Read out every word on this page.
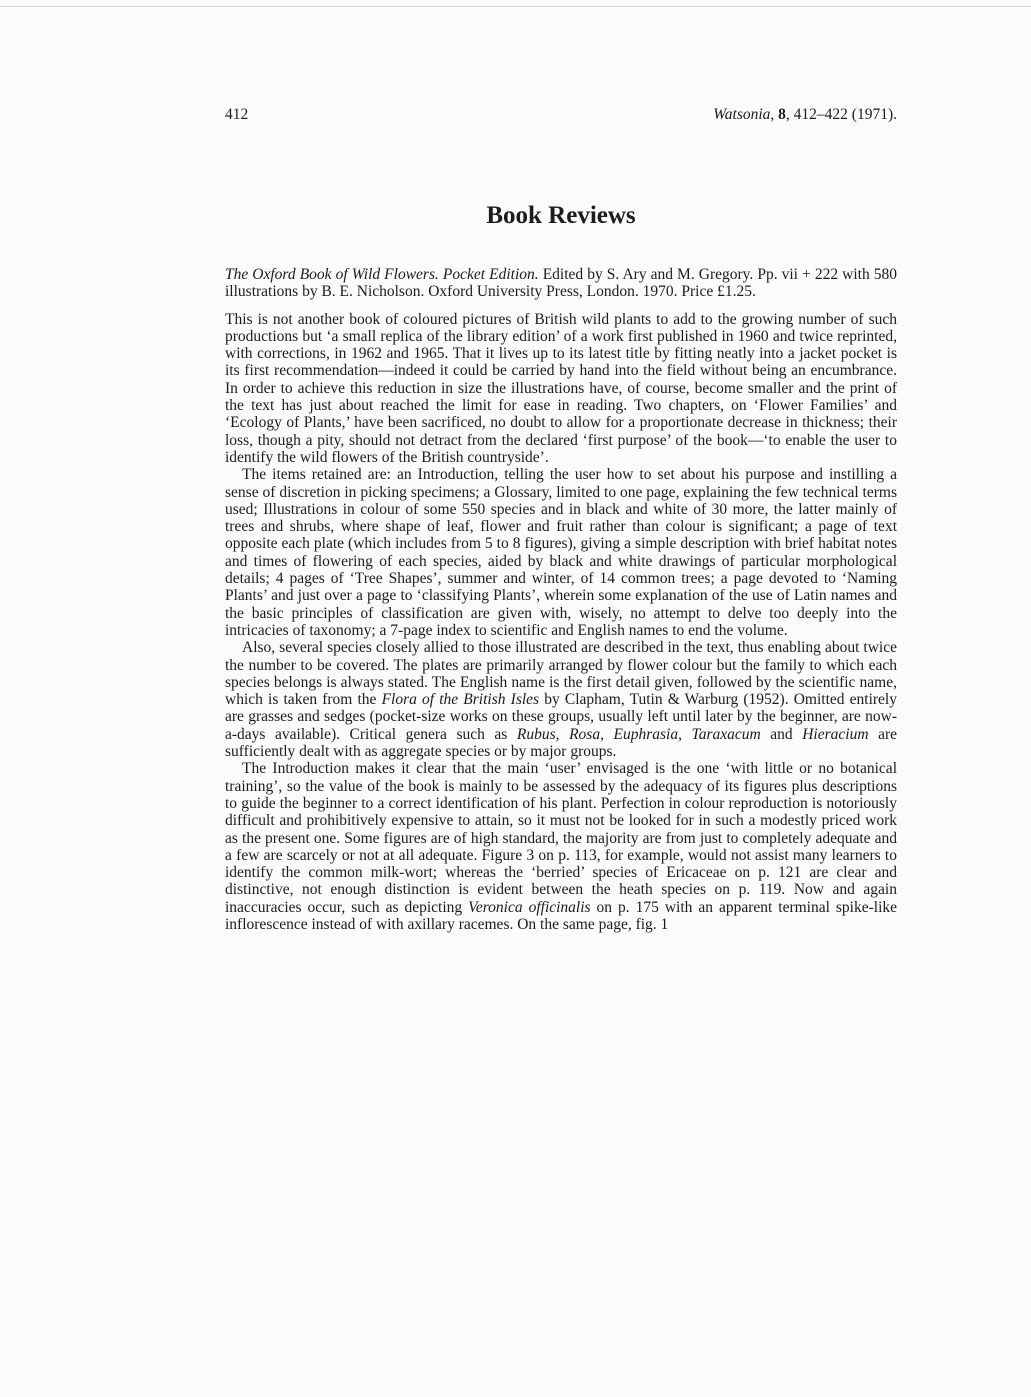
412	Watsonia, 8, 412–422 (1971).
Book Reviews

The Oxford Book of Wild Flowers. Pocket Edition. Edited by S. Ary and M. Gregory. Pp. vii + 222 with 580 illustrations by B. E. Nicholson. Oxford University Press, London. 1970. Price £1.25.

This is not another book of coloured pictures of British wild plants to add to the growing number of such productions but ‘a small replica of the library edition’ of a work first published in 1960 and twice reprinted, with corrections, in 1962 and 1965. That it lives up to its latest title by fitting neatly into a jacket pocket is its first recommendation—indeed it could be carried by hand into the field without being an encumbrance. In order to achieve this reduction in size the illustrations have, of course, become smaller and the print of the text has just about reached the limit for ease in reading. Two chapters, on ‘Flower Families’ and ‘Ecology of Plants,’ have been sacrificed, no doubt to allow for a proportionate decrease in thickness; their loss, though a pity, should not detract from the declared ‘first purpose’ of the book—‘to enable the user to identify the wild flowers of the British countryside’.

The items retained are: an Introduction, telling the user how to set about his purpose and instilling a sense of discretion in picking specimens; a Glossary, limited to one page, explaining the few technical terms used; Illustrations in colour of some 550 species and in black and white of 30 more, the latter mainly of trees and shrubs, where shape of leaf, flower and fruit rather than colour is significant; a page of text opposite each plate (which includes from 5 to 8 figures), giving a simple description with brief habitat notes and times of flowering of each species, aided by black and white drawings of particular morphological details; 4 pages of ‘Tree Shapes’, summer and winter, of 14 common trees; a page devoted to ‘Naming Plants’ and just over a page to ‘classifying Plants’, wherein some explanation of the use of Latin names and the basic principles of classification are given with, wisely, no attempt to delve too deeply into the intricacies of taxonomy; a 7-page index to scientific and English names to end the volume.

Also, several species closely allied to those illustrated are described in the text, thus enabling about twice the number to be covered. The plates are primarily arranged by flower colour but the family to which each species belongs is always stated. The English name is the first detail given, followed by the scientific name, which is taken from the Flora of the British Isles by Clapham, Tutin & Warburg (1952). Omitted entirely are grasses and sedges (pocket-size works on these groups, usually left until later by the beginner, are now-a-days available). Critical genera such as Rubus, Rosa, Euphrasia, Taraxacum and Hieracium are sufficiently dealt with as aggregate species or by major groups.

The Introduction makes it clear that the main ‘user’ envisaged is the one ‘with little or no botanical training’, so the value of the book is mainly to be assessed by the adequacy of its figures plus descriptions to guide the beginner to a correct identification of his plant. Perfection in colour reproduction is notoriously difficult and prohibitively expensive to attain, so it must not be looked for in such a modestly priced work as the present one. Some figures are of high standard, the majority are from just to completely adequate and a few are scarcely or not at all adequate. Figure 3 on p. 113, for example, would not assist many learners to identify the common milk-wort; whereas the ‘berried’ species of Ericaceae on p. 121 are clear and distinctive, not enough distinction is evident between the heath species on p. 119. Now and again inaccuracies occur, such as depicting Veronica officinalis on p. 175 with an apparent terminal spike-like inflorescence instead of with axillary racemes. On the same page, fig. 1
